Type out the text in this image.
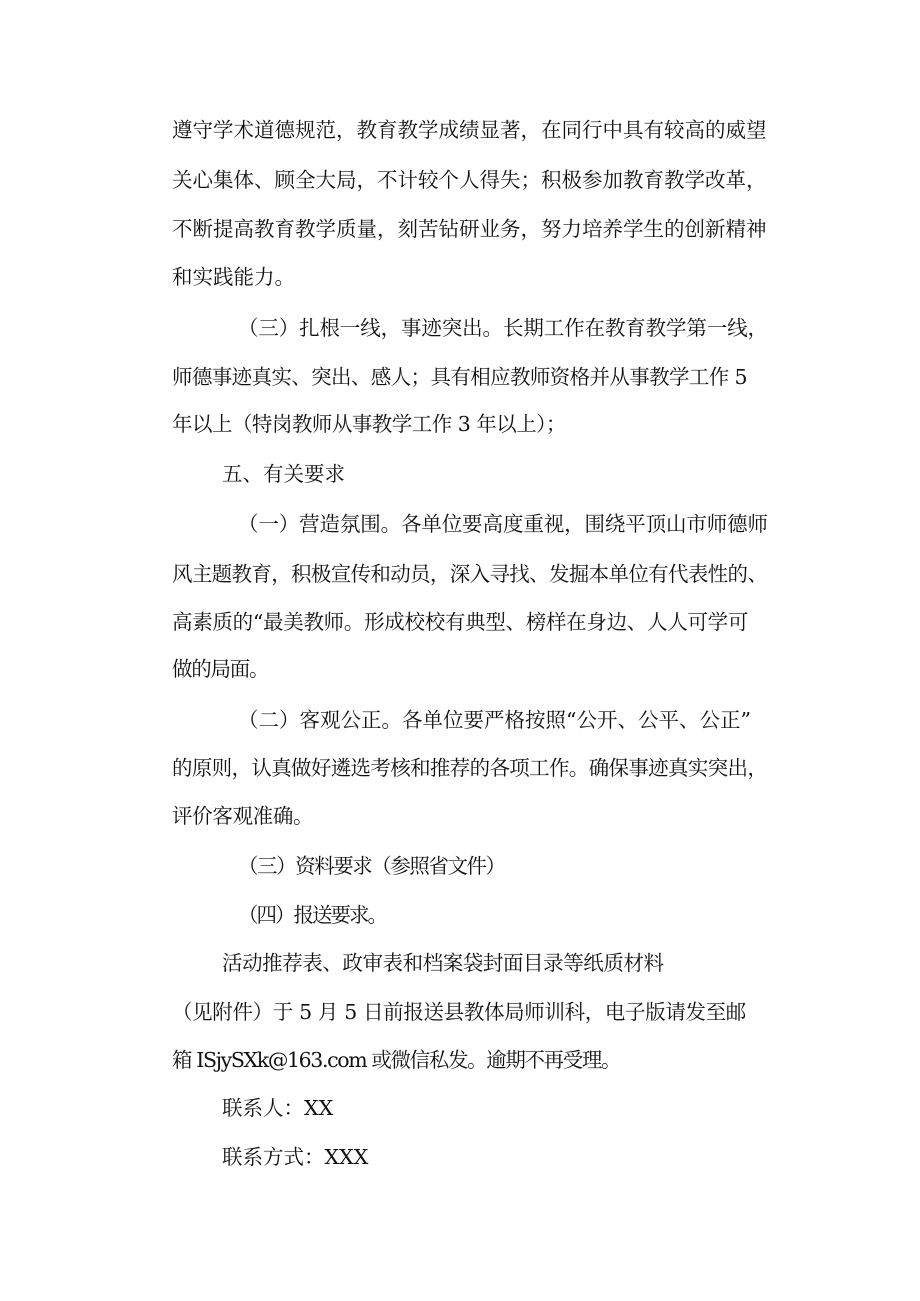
遵守学术道德规范，教育教学成绩显著，在同行中具有较高的威望
关心集体、顾全大局，不计较个人得失；积极参加教育教学改革，
不断提高教育教学质量，刻苦钻研业务，努力培养学生的创新精神
和实践能力。
（三）扎根一线，事迹突出。长期工作在教育教学第一线，
师德事迹真实、突出、感人；具有相应教师资格并从事教学工作 5
年以上（特岗教师从事教学工作 3 年以上）；
五、有关要求
（一）营造氛围。各单位要高度重视，围绕平顶山市师德师
风主题教育，积极宣传和动员，深入寻找、发掘本单位有代表性的、
高素质的“最美教师。形成校校有典型、榜样在身边、人人可学可
做的局面。
（二）客观公正。各单位要严格按照“公开、公平、公正”
的原则，认真做好遴选考核和推荐的各项工作。确保事迹真实突出，
评价客观准确。
（三）资料要求（参照省文件）
（四）报送要求。
活动推荐表、政审表和档案袋封面目录等纸质材料
（见附件）于 5 月 5 日前报送县教体局师训科，电子版请发至邮
箱 ISjySXk@163.com 或微信私发。逾期不再受理。
联系人：XX
联系方式：XXX
